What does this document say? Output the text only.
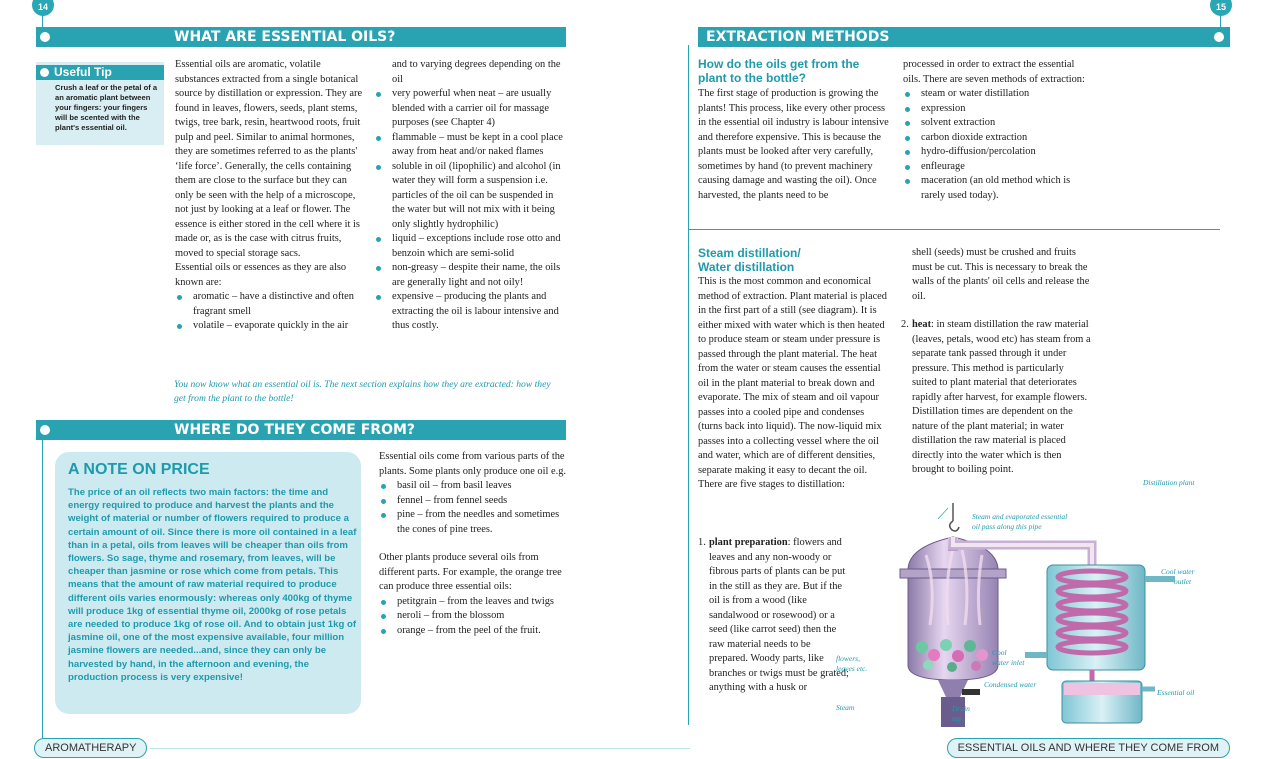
14	15
WHAT ARE ESSENTIAL OILS?
WHERE DO THEY COME FROM?
EXTRACTION METHODS
Useful Tip
Crush a leaf or the petal of a an aromatic plant between your fingers: your fingers will be scented with the plant's essential oil.

Essential oils are aromatic, volatile substances extracted from a single botanical source by distillation or expression. They are found in leaves, flowers, seeds, plant stems, twigs, tree bark, resin, heartwood roots, fruit pulp and peel. Similar to animal hormones, they are sometimes referred to as the plants' ‘life force’. Generally, the cells containing them are close to the surface but they can only be seen with the help of a microscope, not just by looking at a leaf or flower. The essence is either stored in the cell where it is made or, as is the case with citrus fruits, moved to special storage sacs.

Essential oils or essences as they are also known are:

aromatic – have a distinctive and often fragrant smell
volatile – evaporate quickly in the air

and to varying degrees depending on the oil

very powerful when neat – are usually blended with a carrier oil for massage purposes (see Chapter 4)
flammable – must be kept in a cool place away from heat and/or naked flames
soluble in oil (lipophilic) and alcohol (in water they will form a suspension i.e. particles of the oil can be suspended in the water but will not mix with it being only slightly hydrophilic)
liquid – exceptions include rose otto and benzoin which are semi-solid
non-greasy – despite their name, the oils are generally light and not oily!
expensive – producing the plants and extracting the oil is labour intensive and thus costly.
You now know what an essential oil is. The next section explains how they are extracted: how they get from the plant to the bottle!
A NOTE ON PRICE
The price of an oil reflects two main factors: the time and energy required to produce and harvest the plants and the weight of material or number of flowers required to produce a certain amount of oil. Since there is more oil contained in a leaf than in a petal, oils from leaves will be cheaper than oils from flowers. So sage, thyme and rosemary, from leaves, will be cheaper than jasmine or rose which come from petals. This means that the amount of raw material required to produce different oils varies enormously: whereas only 400kg of thyme will produce 1kg of essential thyme oil, 2000kg of rose petals are needed to produce 1kg of rose oil. And to obtain just 1kg of jasmine oil, one of the most expensive available, four million jasmine flowers are needed...and, since they can only be harvested by hand, in the afternoon and evening, the production process is very expensive!

Essential oils come from various parts of the plants. Some plants only produce one oil e.g.

basil oil – from basil leaves
fennel – from fennel seeds
pine – from the needles and sometimes the cones of pine trees.

Other plants produce several oils from different parts. For example, the orange tree can produce three essential oils:

petitgrain – from the leaves and twigs
neroli – from the blossom
orange – from the peel of the fruit.
How do the oils get from the plant to the bottle?
The first stage of production is growing the plants! This process, like every other process in the essential oil industry is labour intensive and therefore expensive. This is because the plants must be looked after very carefully, sometimes by hand (to prevent machinery causing damage and wasting the oil). Once harvested, the plants need to be

processed in order to extract the essential oils. There are seven methods of extraction:

steam or water distillation
expression
solvent extraction
carbon dioxide extraction
hydro-diffusion/percolation
enfleurage
maceration (an old method which is rarely used today).
Steam distillation/
Water distillation

This is the most common and economical method of extraction. Plant material is placed in the first part of a still (see diagram). It is either mixed with water which is then heated to produce steam or steam under pressure is passed through the plant material. The heat from the water or steam causes the essential oil in the plant material to break down and evaporate. The mix of steam and oil vapour passes into a cooled pipe and condenses (turns back into liquid). The now-liquid mix passes into a collecting vessel where the oil and water, which are of different densities, separate making it easy to decant the oil. There are five stages to distillation:

1. plant preparation: flowers and leaves and any non-woody or fibrous parts of plants can be put in the still as they are. But if the oil is from a wood (like sandalwood or rosewood) or a seed (like carrot seed) then the raw material needs to be prepared. Woody parts, like branches or twigs must be grated; anything with a husk or

shell (seeds) must be crushed and fruits must be cut. This is necessary to break the walls of the plants' oil cells and release the oil.

2. heat: in steam distillation the raw material (leaves, petals, wood etc) has steam from a separate tank passed through it under pressure. This method is particularly suited to plant material that deteriorates rapidly after harvest, for example flowers. Distillation times are dependent on the nature of the plant material; in water distillation the raw material is placed directly into the water which is then brought to boiling point.
Distillation plant
Steam and evaporated essential oil pass along this pipe
Cool water outlet
Cool water inlet
Condensed water
Essential oil
flowers, leaves etc.
Steam	Drain tap
AROMATHERAPY	ESSENTIAL OILS AND WHERE THEY COME FROM
